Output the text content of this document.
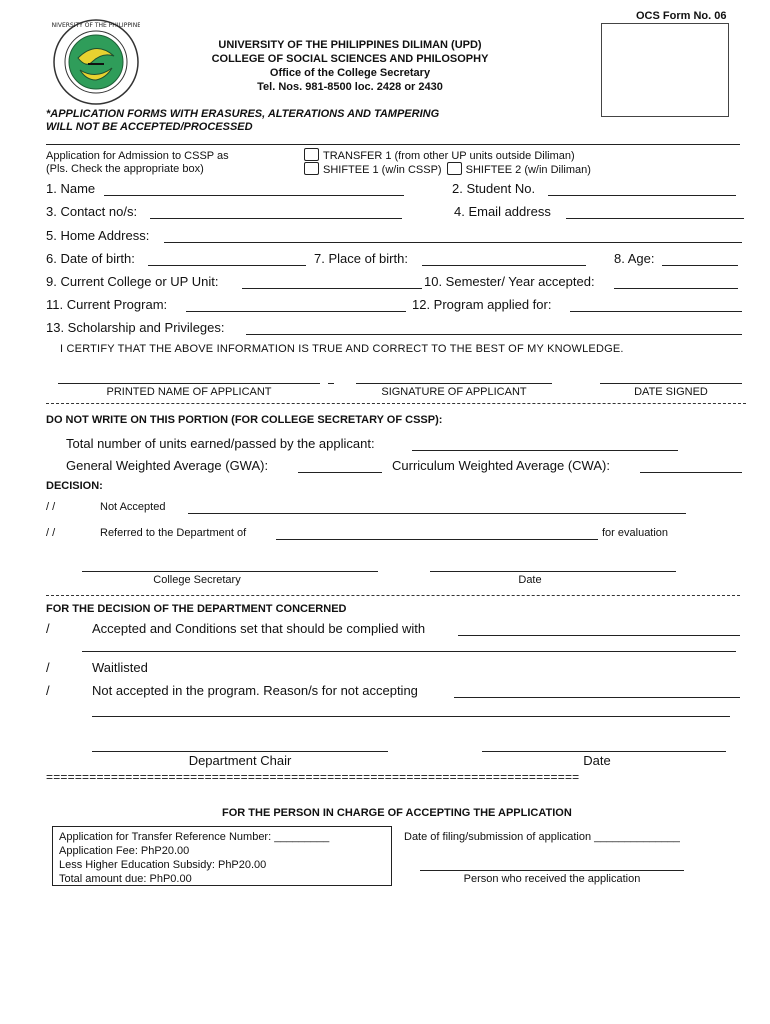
OCS Form No. 06
UNIVERSITY OF THE PHILIPPINES
UNIVERSITY OF THE PHILIPPINES DILIMAN (UPD)
COLLEGE OF SOCIAL SCIENCES AND PHILOSOPHY
Office of the College Secretary
Tel. Nos. 981-8500 loc. 2428 or 2430
*APPLICATION FORMS WITH ERASURES, ALTERATIONS AND TAMPERING
WILL NOT BE ACCEPTED/PROCESSED
Application for Admission to CSSP as
(Pls. Check the appropriate box)
TRANSFER 1 (from other UP units outside Diliman)
SHIFTEE 1 (w/in CSSP) SHIFTEE 2 (w/in Diliman)
1. Name	2. Student No.
3. Contact no/s:	4. Email address
5. Home Address:
6. Date of birth:	7. Place of birth:	8. Age:
9. Current College or UP Unit:	10. Semester/ Year accepted:
11. Current Program:	12. Program applied for:
13. Scholarship and Privileges:
I CERTIFY THAT THE ABOVE INFORMATION IS TRUE AND CORRECT TO THE BEST OF MY KNOWLEDGE.
PRINTED NAME OF APPLICANT	SIGNATURE OF APPLICANT	DATE SIGNED
DO NOT WRITE ON THIS PORTION (FOR COLLEGE SECRETARY OF CSSP):
Total number of units earned/passed by the applicant:
General Weighted Average (GWA):	Curriculum Weighted Average (CWA):
DECISION:
/ /	Not Accepted
/ /	Referred to the Department of	for evaluation
College Secretary	Date
FOR THE DECISION OF THE DEPARTMENT CONCERNED
/	Accepted and Conditions set that should be complied with
/	Waitlisted
/	Not accepted in the program. Reason/s for not accepting
Department Chair	Date
==========================================================================
FOR THE PERSON IN CHARGE OF ACCEPTING THE APPLICATION
Application for Transfer Reference Number: _________
Application Fee: PhP20.00
Less Higher Education Subsidy: PhP20.00
Total amount due: PhP0.00
Date of filing/submission of application ______________
Person who received the application
